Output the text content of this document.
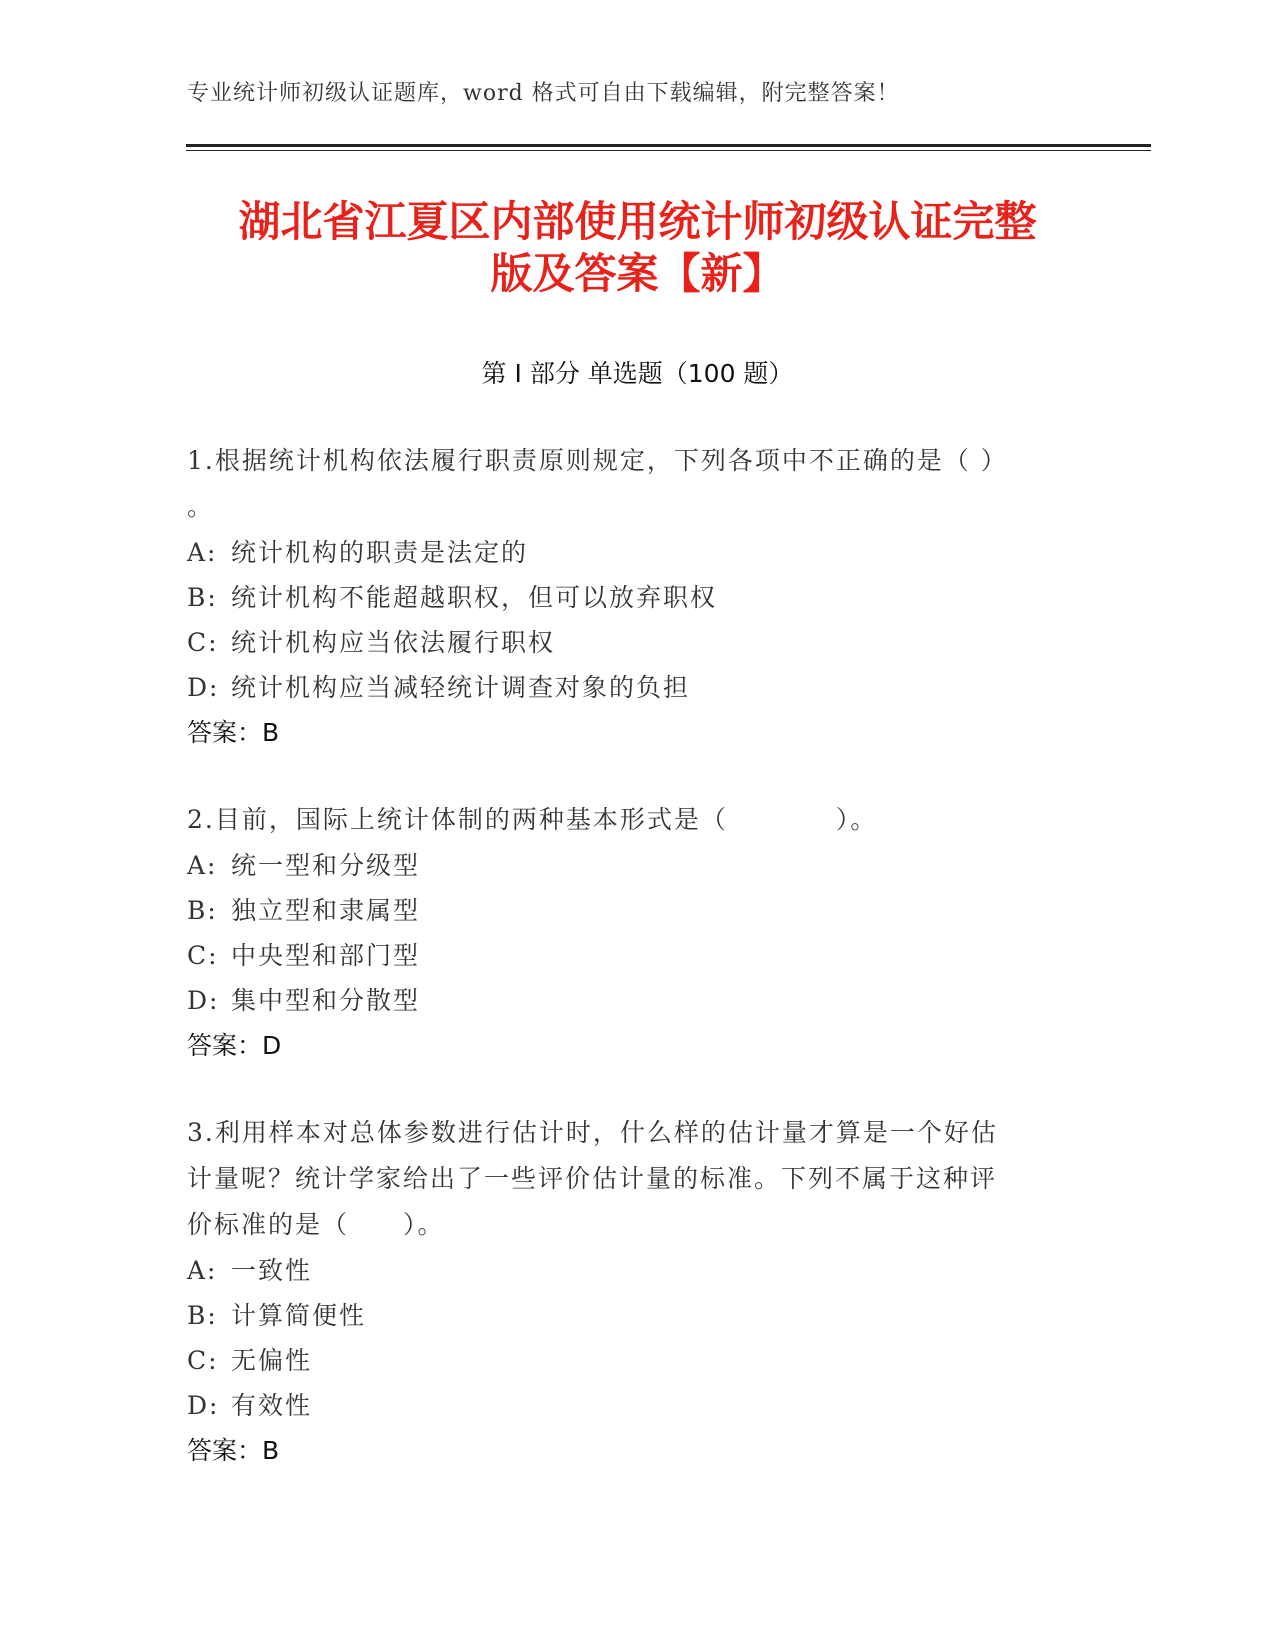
专业统计师初级认证题库，word 格式可自由下载编辑，附完整答案！
湖北省江夏区内部使用统计师初级认证完整
版及答案【新】
第 I 部分 单选题（100 题）
1.根据统计机构依法履行职责原则规定，下列各项中不正确的是（ ）
。
A: 统计机构的职责是法定的
B: 统计机构不能超越职权，但可以放弃职权
C: 统计机构应当依法履行职权
D: 统计机构应当减轻统计调查对象的负担
答案：B
2.目前，国际上统计体制的两种基本形式是（　　　　）。
A: 统一型和分级型
B: 独立型和隶属型
C: 中央型和部门型
D: 集中型和分散型
答案：D
3.利用样本对总体参数进行估计时，什么样的估计量才算是一个好估
计量呢？统计学家给出了一些评价估计量的标准。下列不属于这种评
价标准的是（　　）。
A: 一致性
B: 计算简便性
C: 无偏性
D: 有效性
答案：B
